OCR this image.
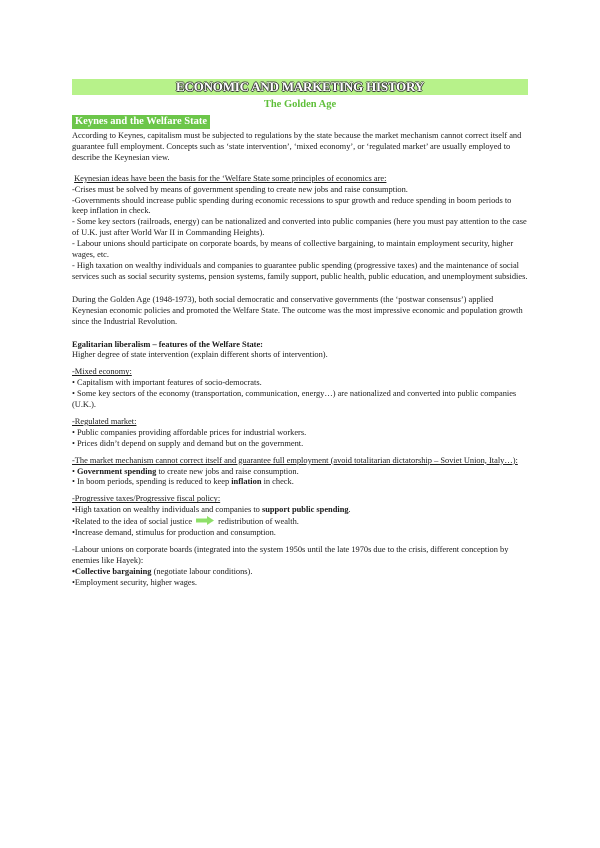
ECONOMIC AND MARKETING HISTORY
The Golden Age
Keynes and the Welfare State

According to Keynes, capitalism must be subjected to regulations by the state because the market mechanism cannot correct itself and guarantee full employment. Concepts such as ‘state intervention’, ‘mixed economy’, or ‘regulated market’ are usually employed to describe the Keynesian view.

Keynesian ideas have been the basis for the ‘Welfare State some principles of economics are:

-Crises must be solved by means of government spending to create new jobs and raise consumption.

-Governments should increase public spending during economic recessions to spur growth and reduce spending in boom periods to keep inflation in check.

- Some key sectors (railroads, energy) can be nationalized and converted into public companies (here you must pay attention to the case of U.K. just after World War II in Commanding Heights).

- Labour unions should participate on corporate boards, by means of collective bargaining, to maintain employment security, higher wages, etc.

- High taxation on wealthy individuals and companies to guarantee public spending (progressive taxes) and the maintenance of social services such as social security systems, pension systems, family support, public health, public education, and unemployment subsidies.

During the Golden Age (1948-1973), both social democratic and conservative governments (the ‘postwar consensus’) applied Keynesian economic policies and promoted the Welfare State. The outcome was the most impressive economic and population growth since the Industrial Revolution.

Egalitarian liberalism – features of the Welfare State:

Higher degree of state intervention (explain different shorts of intervention).

-Mixed economy:

• Capitalism with important features of socio-democrats.

• Some key sectors of the economy (transportation, communication, energy…) are nationalized and converted into public companies (U.K.).

-Regulated market:

• Public companies providing affordable prices for industrial workers.

• Prices didn’t depend on supply and demand but on the government.

-The market mechanism cannot correct itself and guarantee full employment (avoid totalitarian dictatorship – Soviet Union, Italy…):

• Government spending to create new jobs and raise consumption.

• In boom periods, spending is reduced to keep inflation in check.

-Progressive taxes/Progressive fiscal policy:

•High taxation on wealthy individuals and companies to support public spending.

•Related to the idea of social justice	redistribution of wealth.

•Increase demand, stimulus for production and consumption.

-Labour unions on corporate boards (integrated into the system 1950s until the late 1970s due to the crisis, different conception by enemies like Hayek):

•Collective bargaining (negotiate labour conditions).

•Employment security, higher wages.
